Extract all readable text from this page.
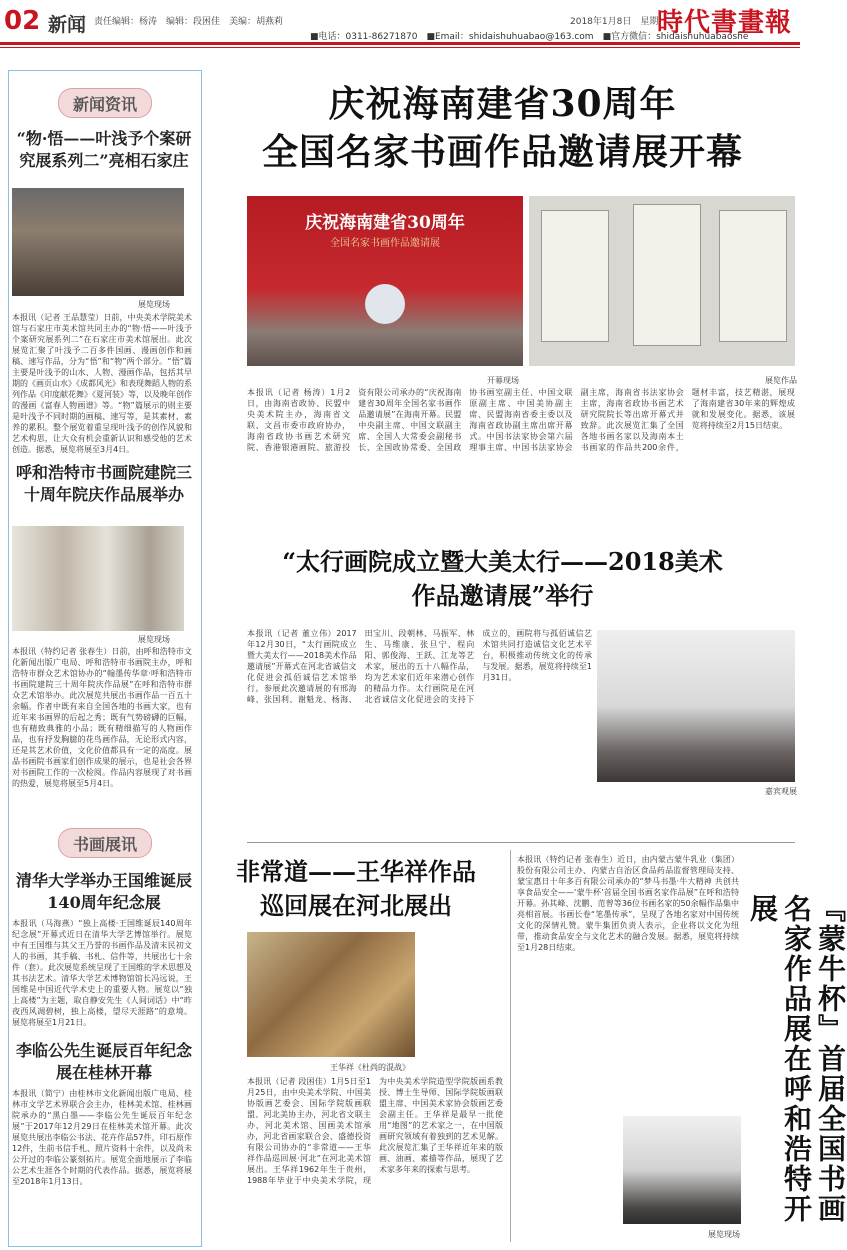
02 新闻 责任编辑：杨涛　编辑：段困佳　美编：胡燕莉	2018年1月8日　星期一
時代書畫報
■电话：0311-86271870　■Email：shidaishuhuabao@163.com　■官方微信：shidaishuhuabaoshe
新闻资讯
“物·悟——叶浅予个案研究展系列二”亮相石家庄
展览现场
本报讯（记者 王品慧莹）日前，中央美术学院美术馆与石家庄市美术馆共同主办的“物·悟——叶浅予个案研究展系列二”在石家庄市美术馆展出。此次展览汇聚了叶浅予二百多件国画、漫画创作和画稿、速写作品，分为“悟”和“物”两个部分。“悟”篇主要是叶浅予的山水、人物、漫画作品，包括其早期的《画页山水》《成都风光》和表现舞蹈人物的系列作品《印度献花舞》《夏河装》等，以及晚年创作的漫画《富春人物画谱》等。“物”篇展示的则主要是叶浅予不同时期的画稿、速写等，是其素材、素养的累积。整个展览着重呈现叶浅予的创作风貌和艺术构思，让大众有机会重新认识和感受他的艺术创造。据悉，展览将展至3月4日。
呼和浩特市书画院建院三十周年院庆作品展举办
展览现场
本报讯（特约记者 张春生）日前，由呼和浩特市文化新闻出版广电局、呼和浩特市书画院主办，呼和浩特市群众艺术馆协办的“翰墨传华章·呼和浩特市书画院建院三十周年院庆作品展”在呼和浩特市群众艺术馆举办。此次展览共展出书画作品一百五十余幅。作者中既有来自全国各地的书画大家，也有近年来书画界的后起之秀；既有气势磅礴的巨幅，也有精致典雅的小品；既有精细描写的人物画作品，也有抒发胸臆的花鸟画作品，无论形式内容，还是其艺术价值，文化价值都具有一定的高度。展品书画院书画家们创作成果的展示，也是社会各界对书画院工作的一次检阅。作品内容展现了对书画的热爱，展览将展至5月4日。
书画展讯
清华大学举办王国维诞辰140周年纪念展
本报讯（马海燕）“独上高楼·王国维诞辰140周年纪念展”开幕式近日在清华大学艺博馆举行。展览中有王国维与其父王乃誉的书画作品及清末民初文人的书画，其手稿、书札、信件等，共展出七十余件（套）。此次展览系统呈现了王国维的学术思想及其书法艺术。清华大学艺术博物馆馆长冯远说，王国维是中国近代学术史上的重要人物。展览以“独上高楼”为主题，取自静安先生《人间词话》中“昨夜西风凋碧树，独上高楼，望尽天涯路”的意境。展览将展至1月21日。
李临公先生诞辰百年纪念展在桂林开幕
本报讯（简宁）由桂林市文化新闻出版广电局、桂林市文学艺术界联合会主办，桂林美术馆、桂林画院承办的“黑白墨——李临公先生诞辰百年纪念展”于2017年12月29日在桂林美术馆开幕。此次展览共展出李临公书法、花卉作品57件，印石原作12件，生前书信手札、照片资料十余件，以及尚未公开过的李临公篆刻拓片。展览全面地展示了李临公艺术生涯各个时期的代表作品。据悉，展览将展至2018年1月13日。
庆祝海南建省30周年
全国名家书画作品邀请展开幕
庆祝海南建省30周年
全国名家书画作品邀请展
开幕现场	展览作品
本报讯（记者 杨涛）1月2日，由海南省政协、民盟中央美术院主办，海南省文联、文昌市委市政府协办，海南省政协书画艺术研究院、香港银港画院、旅游投资有限公司承办的“庆祝海南建省30周年全国名家书画作品邀请展”在海南开幕。民盟中央副主席、中国文联副主席、全国人大常委会副秘书长、全国政协常委、全国政协书画室副主任、中国文联原副主席、中国美协副主席、民盟海南省委主委以及海南省政协副主席出席开幕式。中国书法家协会第六届理事主席、中国书法家协会副主席，海南省书法家协会主席，海南省政协书画艺术研究院院长等出席开幕式并致辞。此次展览汇集了全国各地书画名家以及海南本土书画家的作品共200余件，题材丰富，技艺精湛，展现了海南建省30年来的辉煌成就和发展变化。据悉，该展览将持续至2月15日结束。
“太行画院成立暨大美太行——2018美术
作品邀请展”举行
本报讯（记者 董立伟）2017年12月30日，“太行画院成立暨大美太行——2018美术作品邀请展”开幕式在河北省诚信文化促进会孤佰诚信艺术馆举行。参展此次邀请展的有邢海峰、张国利、谢魁龙、杨海、田宝川、段朝林、马振军、林生、马维康、张旦宁、程向阳、郭俊海、王跃、江龙等艺术家，展出的五十八幅作品，均为艺术家们近年来潜心创作的精品力作。太行画院是在河北省诚信文化促进会的支持下成立的，画院将与孤佰诚信艺术馆共同打造诚信文化艺术平台，积极推动传统文化的传承与发展。据悉，展览将持续至1月31日。
嘉宾观展
非常道——王华祥作品
巡回展在河北展出
王华祥《杜尚的混战》
本报讯（记者 段困佳）1月5日至1月25日，由中央美术学院、中国美协版画艺委会、国际学院版画联盟、河北美协主办，河北省文联主办，河北美术馆、国画美术馆承办，河北省画家联合会、盛德投资有限公司协办的“非常道——王华祥作品巡回展·河北”在河北美术馆展出。王华祥1962年生于贵州，1988年毕业于中央美术学院，现为中央美术学院造型学院版画系教授、博士生导师、国际学院版画联盟主席、中国美术家协会版画艺委会副主任。王华祥是最早一批使用“地图”的艺术家之一，在中国版画研究领域有着独到的艺术见解。此次展览汇集了王华祥近年来的版画、油画、素描等作品，展现了艺术家多年来的探索与思考。
本报讯（特约记者 张春生）近日，由内蒙古蒙牛乳业（集团）股份有限公司主办、内蒙古自治区食品药品监督管理局支持、蒙宝惠日十年多百有限公司承办的“梦马书墨·牛大精神 共创共享食品安全——‘蒙牛杯’首届全国书画名家作品展”在呼和浩特开幕。孙其峰、沈鹏、范曾等36位书画名家的50余幅作品集中亮相首展。书画长卷“笔墨传承”，呈现了各地名家对中国传统文化的深情礼赞。蒙牛集团负责人表示，企业将以文化为纽带，推动食品安全与文化艺术的融合发展。据悉，展览将持续至1月28日结束。	『蒙牛杯』首届全国书画名家作品展在呼和浩特开展
展览现场
